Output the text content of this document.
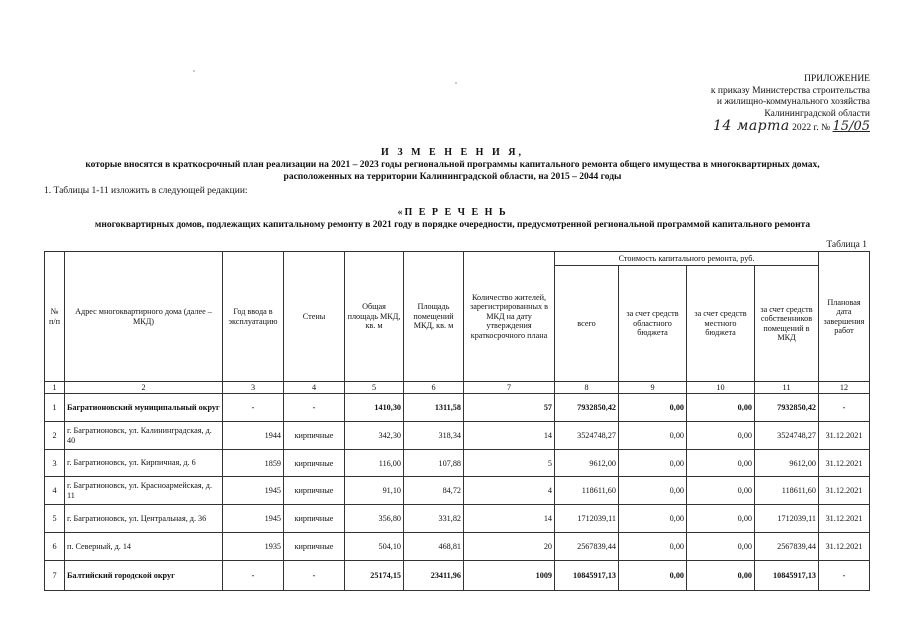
ПРИЛОЖЕНИЕ
к приказу Министерства строительства
и жилищно-коммунального хозяйства
Калининградской области
14 марта 2022 г. № 15/05
И З М Е Н Е Н И Я,
которые вносятся в краткосрочный план реализации на 2021 – 2023 годы региональной программы капитального ремонта общего имущества в многоквартирных домах,
расположенных на территории Калининградской области, на 2015 – 2044 годы
1. Таблицы 1-11 изложить в следующей редакции:
«П Е Р Е Ч Е Н Ь
многоквартирных домов, подлежащих капитальному ремонту в 2021 году в порядке очередности, предусмотренной региональной программой капитального ремонта
Таблица 1
№ п/п	Адрес многоквартирного дома (далее – МКД)	Год ввода в эксплуатацию	Стены	Общая площадь МКД, кв. м	Площадь помещений МКД, кв. м	Количество жителей, зарегистрированных в МКД на дату утверждения краткосрочного плана	Стоимость капитального ремонта, руб.				Плановая дата завершения работ
							всего	за счет средств областного бюджета	за счет средств местного бюджета	за счет средств собственников помещений в МКД	
1	2	3	4	5	6	7	8	9	10	11	12
1	Багратионовский муниципальный округ	-	-	1410,30	1311,58	57	7932850,42	0,00	0,00	7932850,42	-
2	г. Багратионовск, ул. Калининградская, д. 40	1944	кирпичные	342,30	318,34	14	3524748,27	0,00	0,00	3524748,27	31.12.2021
3	г. Багратионовск, ул. Кирпичная, д. 6	1859	кирпичные	116,00	107,88	5	9612,00	0,00	0,00	9612,00	31.12.2021
4	г. Багратионовск, ул. Красноармейская, д. 11	1945	кирпичные	91,10	84,72	4	118611,60	0,00	0,00	118611,60	31.12.2021
5	г. Багратионовск, ул. Центральная, д. 36	1945	кирпичные	356,80	331,82	14	1712039,11	0,00	0,00	1712039,11	31.12.2021
6	п. Северный, д. 14	1935	кирпичные	504,10	468,81	20	2567839,44	0,00	0,00	2567839,44	31.12.2021
7	Балтийский городской округ	-	-	25174,15	23411,96	1009	10845917,13	0,00	0,00	10845917,13	-
